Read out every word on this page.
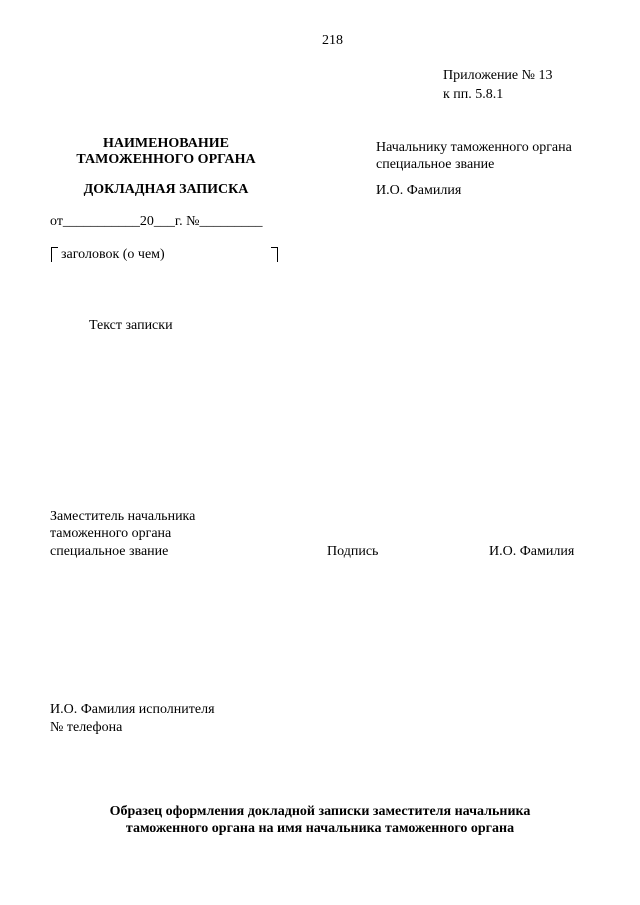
218
Приложение № 13
к пп. 5.8.1
НАИМЕНОВАНИЕ
ТАМОЖЕННОГО ОРГАНА
ДОКЛАДНАЯ ЗАПИСКА
от___________20___г. №_________
заголовок (о чем)
Начальнику таможенного органа
специальное звание
И.О. Фамилия
Текст записки
Заместитель начальника
таможенного органа
специальное звание	Подпись	И.О. Фамилия
И.О. Фамилия исполнителя
№ телефона
Образец оформления докладной записки заместителя начальника
таможенного органа на имя начальника таможенного органа
